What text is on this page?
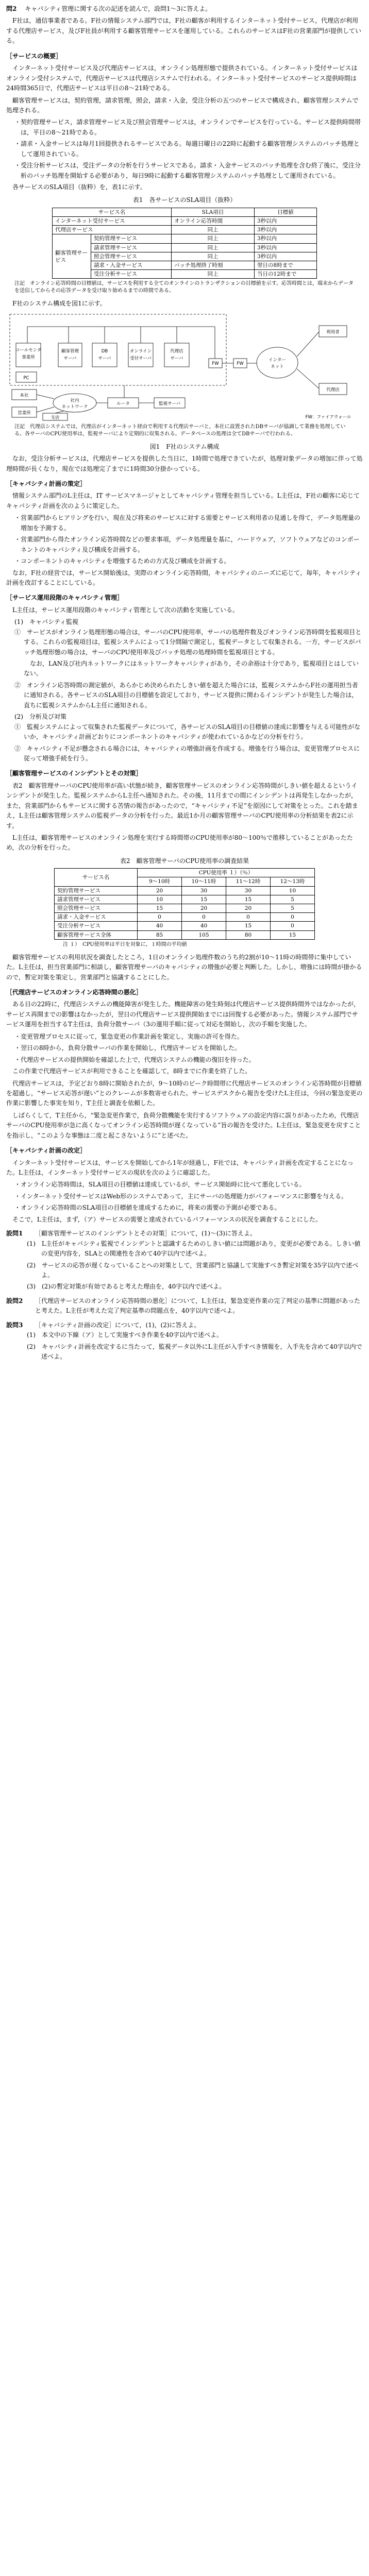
問2 キャパシティ管理に関する次の記述を読んで，設問1〜3に答えよ。

F社は，通信事業者である。F社の情報システム部門では，F社の顧客が利用するインターネット受付サービス，代理店が利用する代理店サービス，及びF社員が利用する顧客管理サービスを運用している。これらのサービスはF社の営業部門が提供している。

［サービスの概要］

インターネット受付サービス及び代理店サービスは，オンライン処理形態で提供されている。インターネット受付サービスはオンライン受付システムで，代理店サービスは代理店システムで行われる。インターネット受付サービスのサービス提供時間は24時間365日で，代理店サービスは平日の8〜21時である。

顧客管理サービスは，契約管理，請求管理，照会，請求・入金，受注分析の五つのサービスで構成され，顧客管理システムで処理される。

・契約管理サービス，請求管理サービス及び照会管理サービスは，オンラインでサービスを行っている。サービス提供時間帯は，平日の8〜21時である。
・請求・入金サービスは毎月1回提供されるサービスである。毎週日曜日の22時に起動する顧客管理システムのバッチ処理として運用されている。
・受注分析サービスは，受注データの分析を行うサービスである。請求・入金サービスのバッチ処理を含む終了後に，受注分析のバッチ処理を開始する必要があり，毎日9時に起動する顧客管理システムのバッチ処理として運用されている。

各サービスのSLA項目（抜粋）を，表1に示す。

表1　各サービスのSLA項目（抜粋）
サービス名		SLA項目	目標値
インターネット受付サービス		オンライン応答時間	3秒以内
代理店サービス		同上	3秒以内
顧客管理サービス	契約管理サービス	同上	3秒以内
	請求管理サービス	同上	3秒以内
	照会管理サービス	同上	3秒以内
	請求・入金サービス	バッチ処理終了時刻	翌日の8時まで
	受注分析サービス	同上	当日の12時まで
注記　オンライン応答時間の目標値は，サービスを利用する全てのオンラインのトランザクションの目標値を示す。応答時間とは，端末からデータを送信してからその応答データを受け取り始めるまでの時間である。

F社のシステム構成を図1に示す。

コールセンタ
事業所
PC
顧客管理
サーバ
DB
サーバ
オンライン
受付サーバ
代理店
サーバ
FW	FW
インター
ネット
利用者
代理店
ルータ	監視サーバ
社内
ネットワーク
本社
営業所
支店	FW：ファイアウォール
注記　代理店システムでは，代理店がインターネット経由で利用する代理店サーバと，本社に設置されたDBサーバが協調して業務を処理している。各サーバのCPU使用率は，監視サーバにより定期的に収集される。データベースの処理は全てDBサーバで行われる。
図1　F社のシステム構成

なお，受注分析サービスは，代理店サービスを提供した当日に，1時間で処理できていたが，処理対象データの増加に伴って処理時間が長くなり，現在では処理完了までに1時間30分掛かっている。

［キャパシティ計画の策定］

情報システム部門のL主任は，IT サービスマネージャとしてキャパシティ管理を担当している。L主任は，F社の顧客に応じてキャパシティ計画を次のように策定した。

・営業部門からヒアリングを行い，現在及び将来のサービスに対する需要とサービス利用者の見通しを得て，データ処理量の増加を予測する。
・営業部門から得たオンライン応答時間などの要求事項，データ処理量を基に，ハードウェア，ソフトウェアなどのコンポーネントのキャパシティ及び構成を計画する。
・コンポーネントのキャパシティを増強するための方式及び構成を計画する。

なお，F社の経営では，サービス開始後は，実際のオンライン応答時間，キャパシティのニーズに応じて，毎年，キャパシティ計画を改訂することにしている。

［サービス運用段階のキャパシティ管理］

L主任は，サービス運用段階のキャパシティ管理として次の活動を実施している。

(1)　キャパシティ監視
①　サービスがオンライン処理形態の場合は，サーバのCPU使用率，サーバの処理件数及びオンライン応答時間を監視項目とする。これらの監視項目は，監視システムによって1分間隔で測定し，監視データとして収集される。一方，サービスがバッチ処理形態の場合は，サーバのCPU使用率及びバッチ処理の処理時間を監視項目とする。
なお，LAN及び社内ネットワークにはネットワークキャパシティがあり，その余裕は十分であり，監視項目とはしていない。
②　オンライン応答時間の測定値が，あらかじめ決められたしきい値を超えた場合には，監視システムからF社の運用担当者に通知される。各サービスのSLA項目の目標値を設定しており，サービス提供に関わるインシデントが発生した場合は，直ちに監視システムからL主任に通知される。
(2)　分析及び対策
①　監視システムによって収集された監視データについて，各サービスのSLA項目の目標値の達成に影響を与える可能性がないか，キャパシティ計画どおりにコンポーネントのキャパシティが使われているかなどの分析を行う。
②　キャパシティ不足が懸念される場合には，キャパシティの増強計画を作成する。増強を行う場合は，変更管理プロセスに従って増強手続を行う。
［顧客管理サービスのインシデントとその対策］

表2　顧客管理サーバのCPU使用率が高い状態が続き，顧客管理サービスのオンライン応答時間がしきい値を超えるというインシデントが発生した。監視システムからL主任へ通知された。その後，11月までの間にインシデントは再発生しなかったが，また，営業部門からもサービスに関する苦情の報告があったので，“キャパシティ不足”を原因にして対策をとった。これを踏まえ，L主任は顧客管理システムの監視データの分析を行った。最近1か月の顧客管理サーバのCPU使用率の分析結果を表2に示す。

L主任は，顧客管理サービスのオンライン処理を実行する時間帯のCPU使用率が80〜100％で推移していることがあったため，次の分析を行った。

表2　顧客管理サーバのCPU使用率の調査結果
サービス名	CPU使用率 １）（％）			
	9〜10時	10〜11時	11〜12時	12〜13時
契約管理サービス	20	30	30	10
請求管理サービス	10	15	15	5
照会管理サービス	15	20	20	5
請求・入金サービス	0	0	0	0
受注分析サービス	40	40	15	0
顧客管理サービス全体	85	105	80	15
注 １）　CPU使用率は平日を対象に，１時間の平均値

顧客管理サービスの利用状況を調査したところ，1日のオンライン処理件数のうち約2割が10〜11時の時間帯に集中していた。L主任は，担当営業部門に相談し，顧客管理サーバのキャパシティの増強が必要と判断した。しかし，増強には時間が掛かるので，暫定対策を策定し，営業部門と協議することにした。

［代理店サービスのオンライン応答時間の悪化］

ある日の22時に，代理店システムの機能障害が発生した。機能障害の発生時刻は代理店サービス提供時間外ではなかったが，サービス再開までの影響はなかったが，翌日の代理店サービス提供開始までには回復する必要があった。情報システム部門でサービス運用を担当するT主任は，負荷分散サーバ（3の運用手順に従って対応を開始し，次の手順を実施した。

・変更管理プロセスに従って，緊急変更の作業計画を策定し，実施の許可を得た。
・翌日の8時から，負荷分散サーバの作業を開始し，代理店サービスを開始した。
・代理店サービスの提供開始を確認した上で，代理店システムの機能の復旧を待った。

この作業で代理店サービスが利用できることを確認して，8時までに作業を終了した。

代理店サービスは，予定どおり8時に開始されたが，9〜10時のピーク時間帯に代理店サービスのオンライン応答時間が目標値を超過し，“サービス応答が遅い”とのクレームが多数寄せられた。サービスデスクから報告を受けたL主任は，今回の緊急変更の作業に影響した事実を知り，T主任と調査を依頼した。

しばらくして，T主任から，“緊急変更作業で，負荷分散機能を実行するソフトウェアの設定内容に誤りがあったため，代理店サーバのCPU使用率が急に高くなってオンライン応答時間が遅くなっている”旨の報告を受けた。L主任は，緊急変更を戻すことを指示し，“このような事態は二度と起こさないように”と述べた。

［キャパシティ計画の改定］

インターネット受付サービスは，サービスを開始してから1年が経過し，F社では，キャパシティ計画を改定することになった。L主任は，インターネット受付サービスの現状を次のように確認した。

・オンライン応答時間は，SLA項目の目標値は達成しているが，サービス開始時に比べて悪化している。
・インターネット受付サービスはWeb形のシステムであって，主にサーバの処理能力がパフォーマンスに影響を与える。
・オンライン応答時間のSLA項目の目標値を達成するために，将来の需要の予測が必要である。

そこで，L主任は，まず，（ア）サービスの需要と達成されているパフォーマンスの状況を調査することにした。

設問1	［顧客管理サービスのインシデントとその対策］について，(1)〜(3)に答えよ。
(1)　L主任がキャパシティ監視でインシデントと認識するためのしきい値には問題があり，変更が必要である。しきい値の変更内容を，SLAとの関連性を含めて40字以内で述べよ。
(2)　サービスの応答が遅くなっていることへの対策として，営業部門と協議して実施すべき暫定対策を35字以内で述べよ。
(3)　(2)の暫定対策が有効であると考えた理由を，40字以内で述べよ。
設問2	［代理店サービスのオンライン応答時間の悪化］について，L主任は，緊急変更作業の完了判定の基準に問題があったと考えた。L主任が考えた完了判定基準の問題点を，40字以内で述べよ。
設問3	［キャパシティ計画の改定］について，(1)，(2)に答えよ。
(1)　本文中の下線（ア）として実施すべき作業を40字以内で述べよ。
(2)　キャパシティ計画を改定するに当たって，監視データ以外にL主任が入手すべき情報を，入手先を含めて40字以内で述べよ。
